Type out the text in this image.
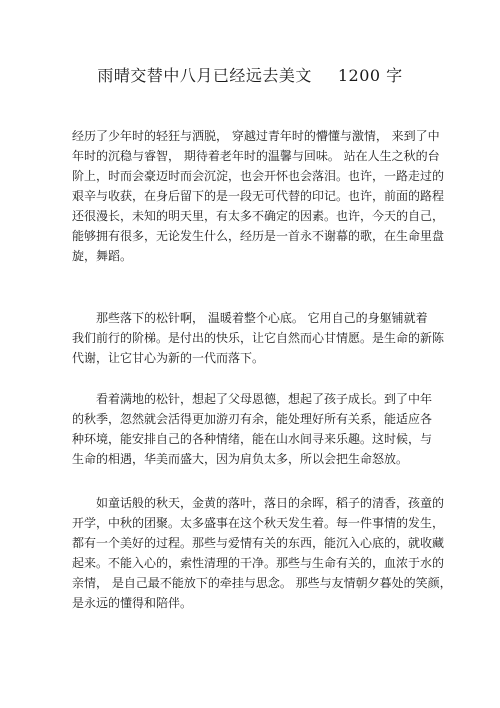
雨晴交替中八月已经远去美文 1200 字
经历了少年时的轻狂与洒脱， 穿越过青年时的懵懂与激情， 来到了中
年时的沉稳与睿智， 期待着老年时的温馨与回味。 站在人生之秋的台
阶上，时而会豪迈时而会沉淀，也会开怀也会落泪。也许，一路走过的
艰辛与收获，在身后留下的是一段无可代替的印记。也许，前面的路程
还很漫长，未知的明天里，有太多不确定的因素。也许，今天的自己，
能够拥有很多，无论发生什么，经历是一首永不谢幕的歌，在生命里盘
旋，舞蹈。
那些落下的松针啊， 温暖着整个心底。 它用自己的身躯铺就着
我们前行的阶梯。是付出的快乐，让它自然而心甘情愿。是生命的新陈
代谢，让它甘心为新的一代而落下。
看着满地的松针，想起了父母恩德，想起了孩子成长。到了中年
的秋季，忽然就会活得更加游刃有余，能处理好所有关系，能适应各
种环境，能安排自己的各种情绪，能在山水间寻来乐趣。这时候，与
生命的相遇，华美而盛大，因为肩负太多，所以会把生命怒放。
如童话般的秋天，金黄的落叶，落日的余晖，稻子的清香，孩童的
开学，中秋的团聚。太多盛事在这个秋天发生着。每一件事情的发生，
都有一个美好的过程。那些与爱情有关的东西，能沉入心底的，就收藏
起来。不能入心的，索性清理的干净。那些与生命有关的，血浓于水的
亲情， 是自己最不能放下的牵挂与思念。 那些与友情朝夕暮处的笑颜，
是永远的懂得和陪伴。
